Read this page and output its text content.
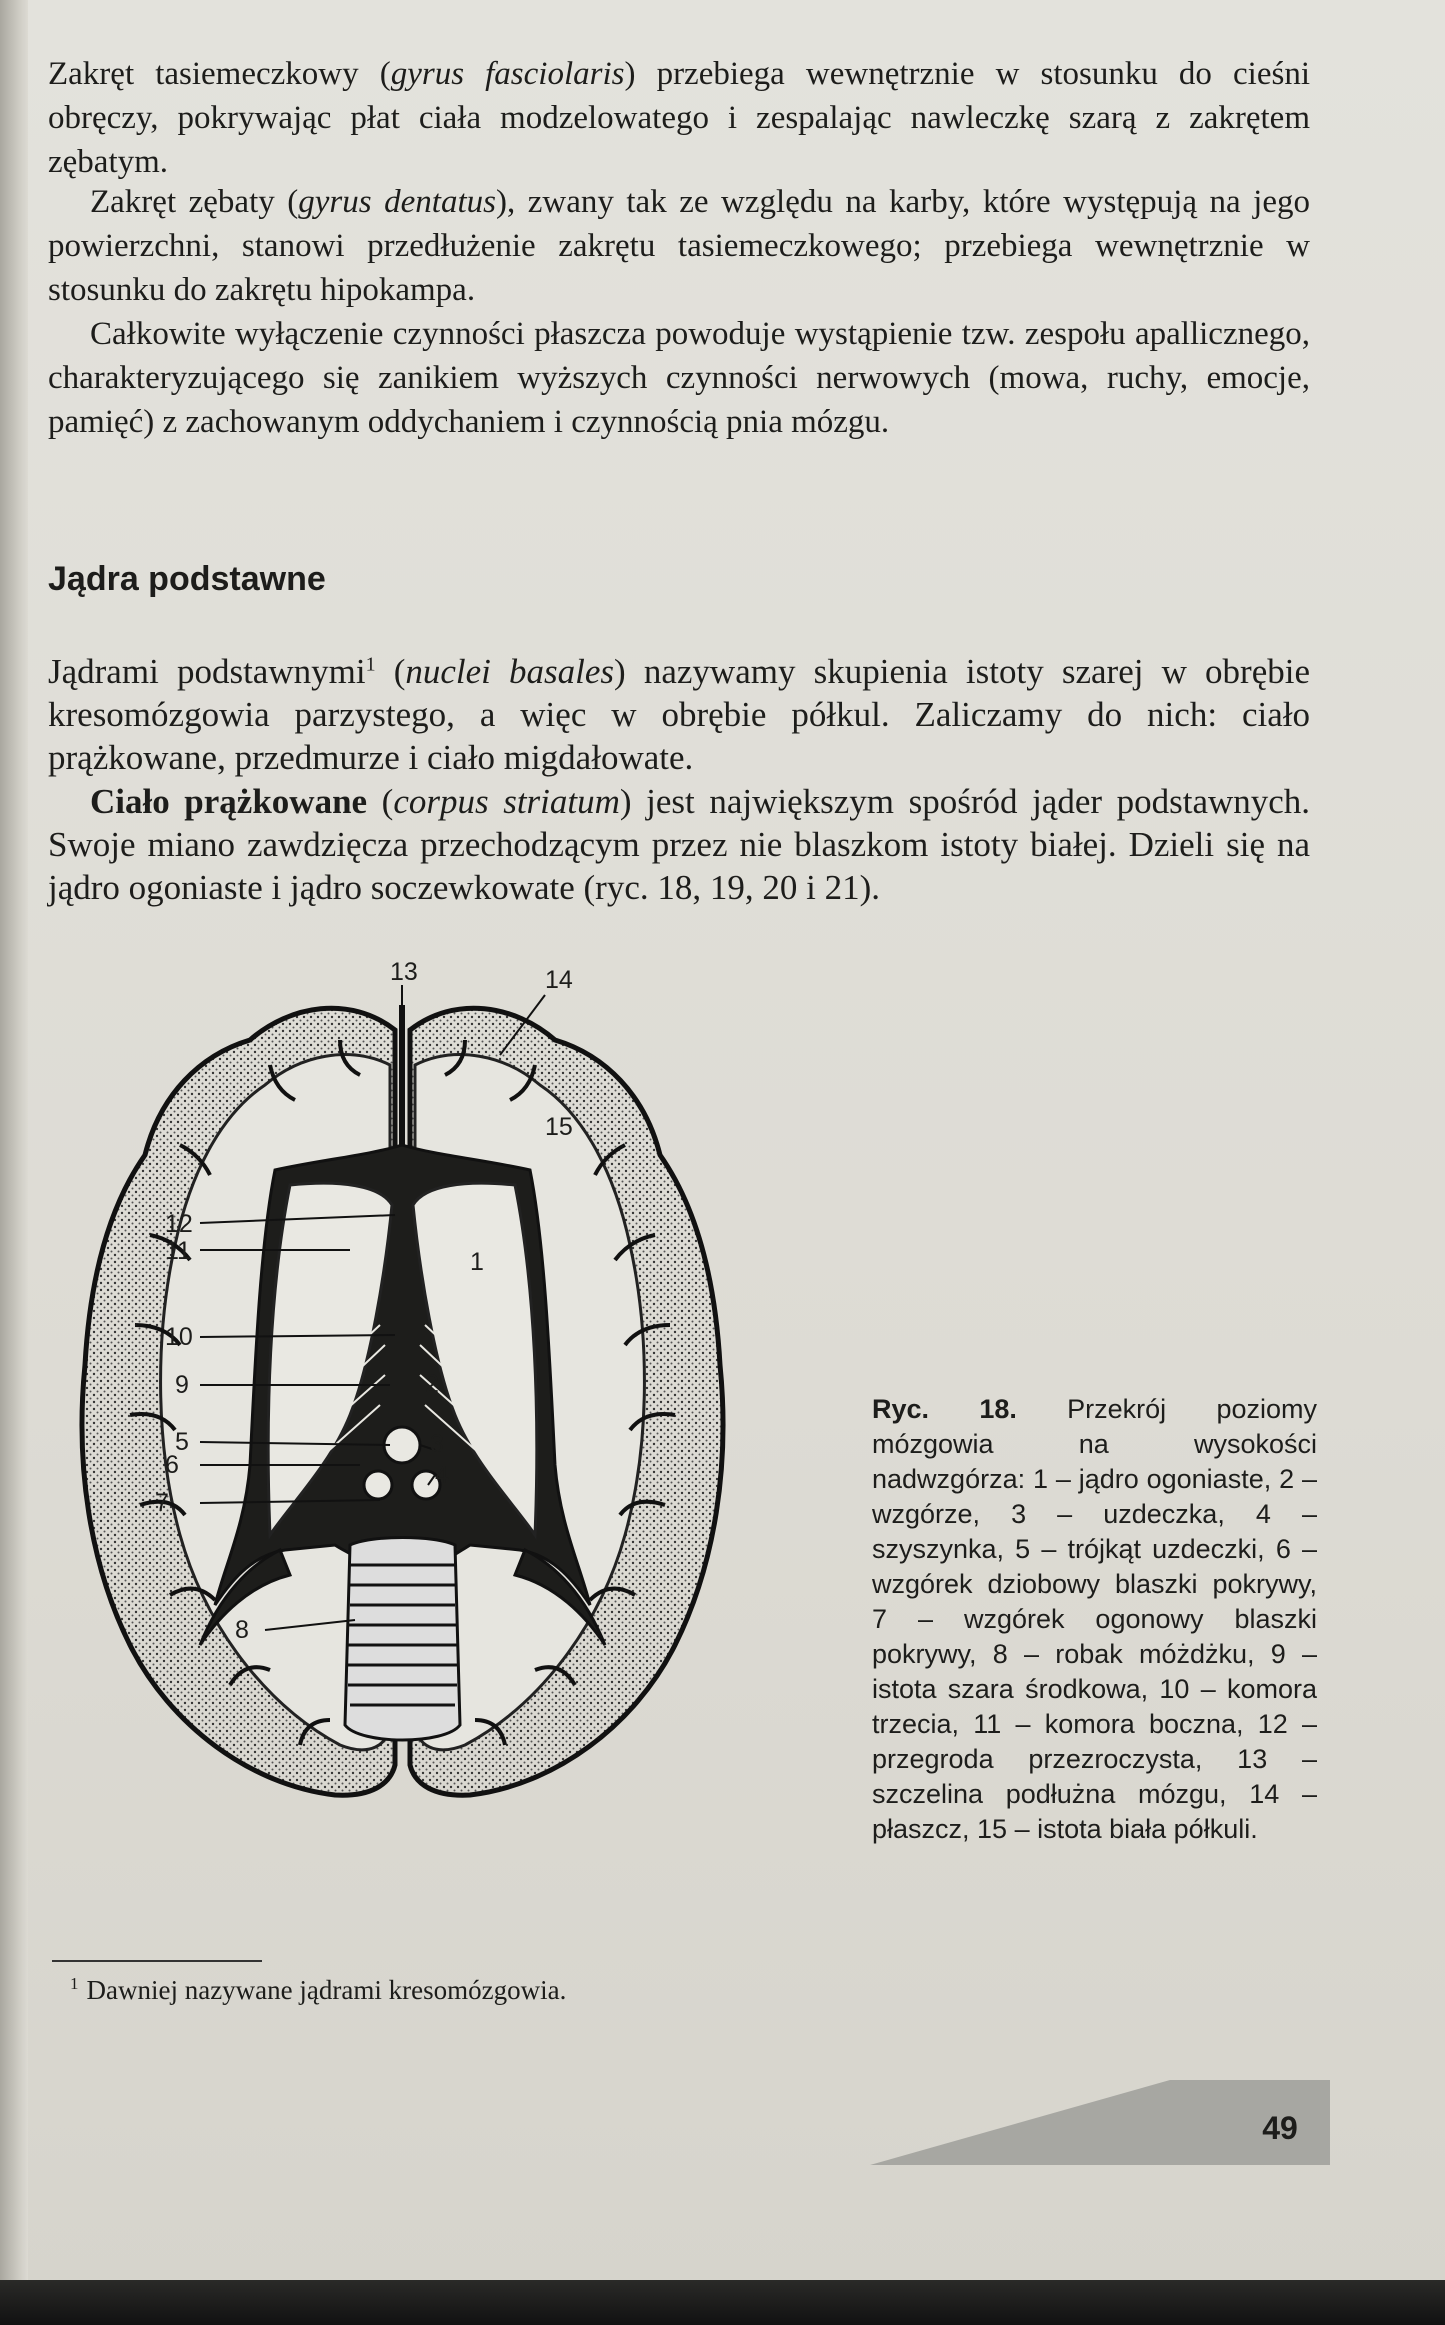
Zakręt tasiemeczkowy (gyrus fasciolaris) przebiega wewnętrznie w stosunku do cieśni obręczy, pokrywając płat ciała modzelowatego i zespalając nawleczkę szarą z zakrętem zębatym.

Zakręt zębaty (gyrus dentatus), zwany tak ze względu na karby, które występują na jego powierzchni, stanowi przedłużenie zakrętu tasiemeczkowego; przebiega wewnętrznie w stosunku do zakrętu hipokampa.

Całkowite wyłączenie czynności płaszcza powoduje wystąpienie tzw. zespołu apallicznego, charakteryzującego się zanikiem wyższych czynności nerwowych (mowa, ruchy, emocje, pamięć) z zachowanym oddychaniem i czynnością pnia mózgu.

Jądra podstawne

Jądrami podstawnymi$^1$ (nuclei basales) nazywamy skupienia istoty szarej w obrębie kresomózgowia parzystego, a więc w obrębie półkul. Zaliczamy do nich: ciało prążkowane, przedmurze i ciało migdałowate.

Ciało prążkowane (corpus striatum) jest największym spośród jąder podstawnych. Swoje miano zawdzięcza przechodzącym przez nie blaszkom istoty białej. Dzieli się na jądro ogoniaste i jądro soczewkowate (ryc. 18, 19, 20 i 21).

13	14
15
12
11	1
10
9	2
3
5
4
6
7
8

Ryc. 18. Przekrój poziomy mózgowia na wysokości nadwzgórza: 1 – jądro ogoniaste, 2 – wzgórze, 3 – uzdeczka, 4 – szyszynka, 5 – trójkąt uzdeczki, 6 – wzgórek dziobowy blaszki pokrywy, 7 – wzgórek ogonowy blaszki pokrywy, 8 – robak móżdżku, 9 – istota szara środkowa, 10 – komora trzecia, 11 – komora boczna, 12 – przegroda przezroczysta, 13 – szczelina podłużna mózgu, 14 – płaszcz, 15 – istota biała półkuli.

$^1$ Dawniej nazywane jądrami kresomózgowia.

49
